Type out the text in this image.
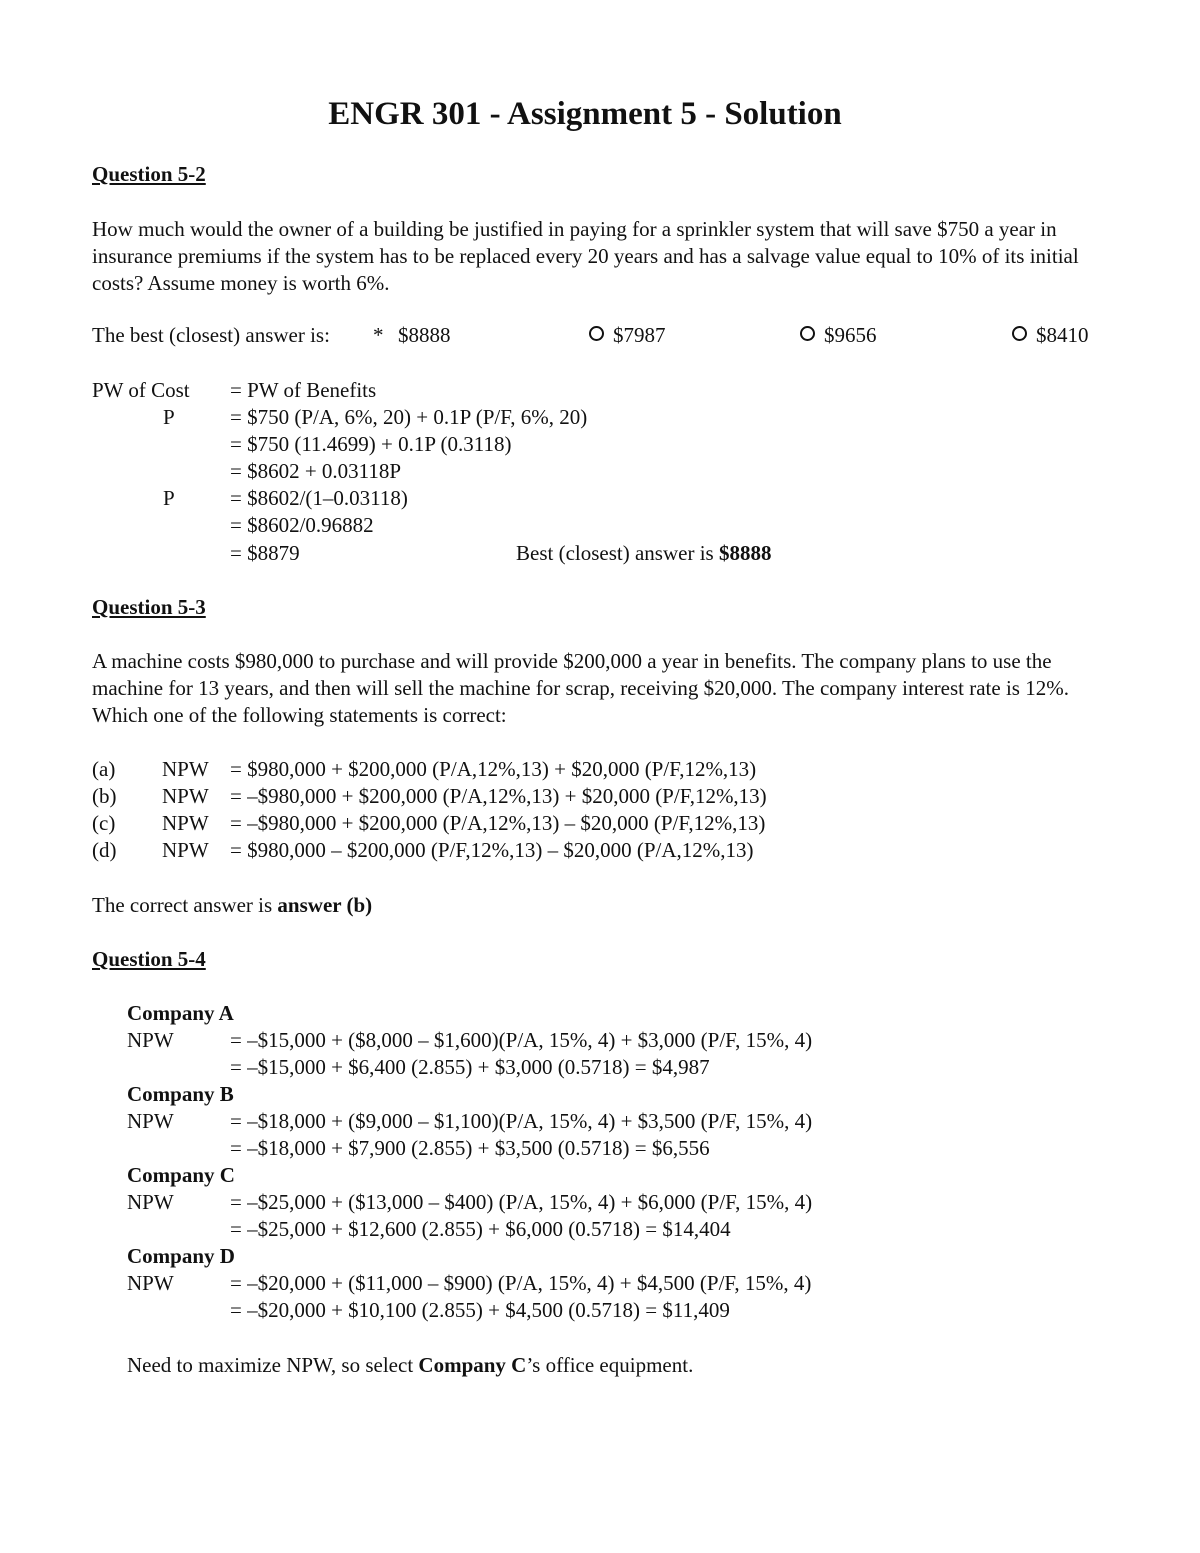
ENGR 301 - Assignment 5 - Solution
Question 5-2
How much would the owner of a building be justified in paying for a sprinkler system that will save $750 a year in insurance premiums if the system has to be replaced every 20 years and has a salvage value equal to 10% of its initial costs? Assume money is worth 6%.
The best (closest) answer is: * $8888	$7987	$9656	$8410
PW of Cost = PW of Benefits
P	= $750 (P/A, 6%, 20) + 0.1P (P/F, 6%, 20)
= $750 (11.4699) + 0.1P (0.3118)
= $8602 + 0.03118P
P	= $8602/(1–0.03118)
= $8602/0.96882
= $8879	Best (closest) answer is $8888
Question 5-3
A machine costs $980,000 to purchase and will provide $200,000 a year in benefits. The company plans to use the machine for 13 years, and then will sell the machine for scrap, receiving $20,000. The company interest rate is 12%. Which one of the following statements is correct:
(a) NPW = $980,000 + $200,000 (P/A,12%,13) + $20,000 (P/F,12%,13)
(b) NPW = –$980,000 + $200,000 (P/A,12%,13) + $20,000 (P/F,12%,13)
(c) NPW = –$980,000 + $200,000 (P/A,12%,13) – $20,000 (P/F,12%,13)
(d) NPW = $980,000 – $200,000 (P/F,12%,13) – $20,000 (P/A,12%,13)
The correct answer is answer (b)
Question 5-4
Company A
NPW	= –$15,000 + ($8,000 – $1,600)(P/A, 15%, 4) + $3,000 (P/F, 15%, 4)
= –$15,000 + $6,400 (2.855) + $3,000 (0.5718) = $4,987
Company B
NPW	= –$18,000 + ($9,000 – $1,100)(P/A, 15%, 4) + $3,500 (P/F, 15%, 4)
= –$18,000 + $7,900 (2.855) + $3,500 (0.5718) = $6,556
Company C
NPW	= –$25,000 + ($13,000 – $400) (P/A, 15%, 4) + $6,000 (P/F, 15%, 4)
= –$25,000 + $12,600 (2.855) + $6,000 (0.5718) = $14,404
Company D
NPW	= –$20,000 + ($11,000 – $900) (P/A, 15%, 4) + $4,500 (P/F, 15%, 4)
= –$20,000 + $10,100 (2.855) + $4,500 (0.5718) = $11,409
Need to maximize NPW, so select Company C’s office equipment.
